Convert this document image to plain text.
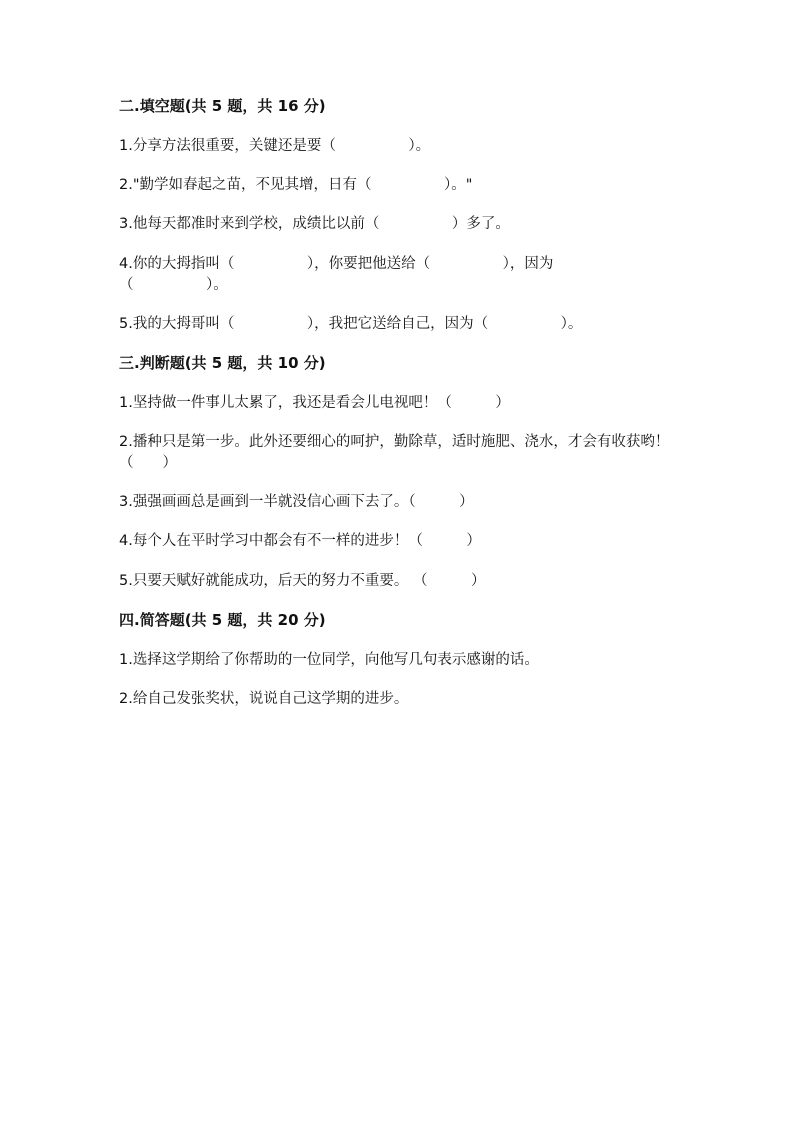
二.填空题(共 5 题，共 16 分)
1.分享方法很重要，关键还是要（　　　　　）。
2."勤学如春起之苗，不见其增，日有（　　　　　）。"
3.他每天都准时来到学校，成绩比以前（　　　　　）多了。
4.你的大拇指叫（　　　　　），你要把他送给（　　　　　），因为
（　　　　　）。
5.我的大拇哥叫（　　　　　），我把它送给自己，因为（　　　　　）。
三.判断题(共 5 题，共 10 分)
1.坚持做一件事儿太累了，我还是看会儿电视吧！（　　　）
2.播种只是第一步。此外还要细心的呵护，勤除草，适时施肥、浇水，才会有收获哟！（　　）
3.强强画画总是画到一半就没信心画下去了。（　　　）
4.每个人在平时学习中都会有不一样的进步！（　　　）
5.只要天赋好就能成功，后天的努力不重要。 （　　　）
四.简答题(共 5 题，共 20 分)
1.选择这学期给了你帮助的一位同学，向他写几句表示感谢的话。
2.给自己发张奖状，说说自己这学期的进步。
